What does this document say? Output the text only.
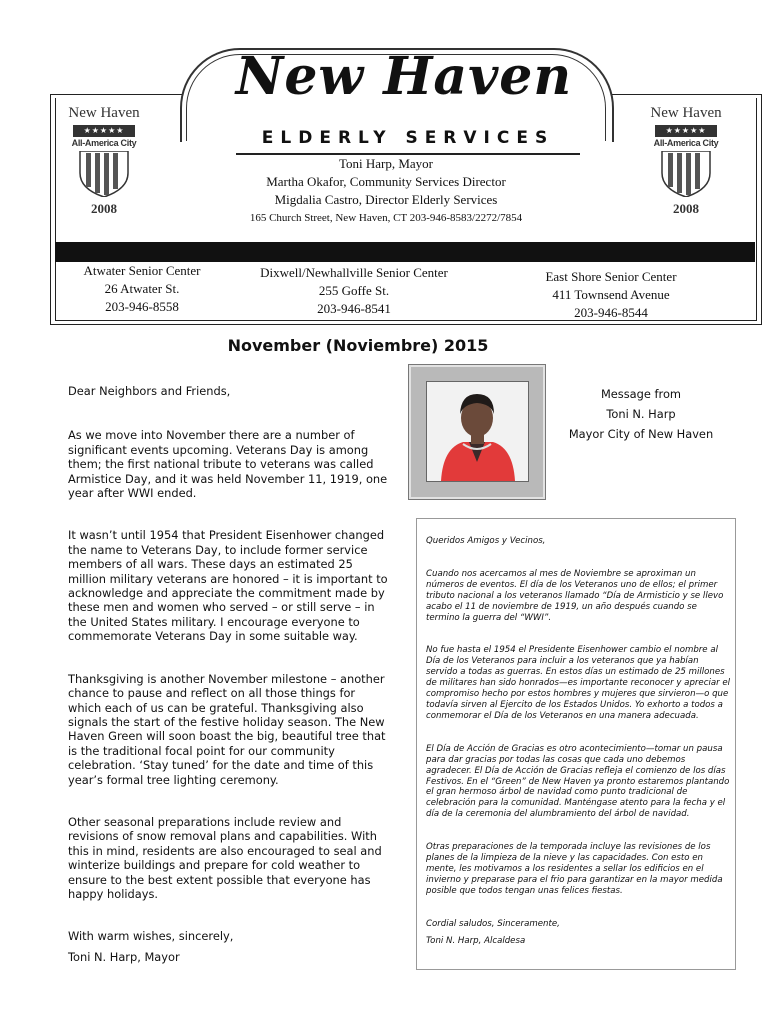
New Haven
ELDERLY SERVICES
Toni Harp, Mayor
Martha Okafor, Community Services Director
Migdalia Castro, Director Elderly Services
165 Church Street, New Haven, CT 203-946-8583/2272/7854
New Haven
★★★★★
All-America City
2008
New Haven
★★★★★
All-America City
2008
Atwater Senior Center
26 Atwater St.
203-946-8558
Dixwell/Newhallville Senior Center
255 Goffe St.
203-946-8541
East Shore Senior Center
411 Townsend Avenue
203-946-8544
November (Noviembre) 2015

Dear Neighbors and Friends,

As we move into November there are a number of significant events upcoming. Veterans Day is among them; the first national tribute to veterans was called Armistice Day, and it was held November 11, 1919, one year after WWI ended.

It wasn’t until 1954 that President Eisenhower changed the name to Veterans Day, to include former service members of all wars. These days an estimated 25 million military veterans are honored – it is important to acknowledge and appreciate the commitment made by these men and women who served – or still serve – in the United States military. I encourage everyone to commemorate Veterans Day in some suitable way.

Thanksgiving is another November milestone – another chance to pause and reflect on all those things for which each of us can be grateful. Thanksgiving also signals the start of the festive holiday season. The New Haven Green will soon boast the big, beautiful tree that is the traditional focal point for our community celebration. ‘Stay tuned’ for the date and time of this year’s formal tree lighting ceremony.

Other seasonal preparations include review and revisions of snow removal plans and capabilities. With this in mind, residents are also encouraged to seal and winterize buildings and prepare for cold weather to ensure to the best extent possible that everyone has happy holidays.

With warm wishes, sincerely,

Toni N. Harp, Mayor

Message from
Toni N. Harp
Mayor City of New Haven

Queridos Amigos y Vecinos,

Cuando nos acercamos al mes de Noviembre se aproximan un números de eventos. El día de los Veteranos uno de ellos; el primer tributo nacional a los veteranos llamado “Día de Armisticio y se llevo acabo el 11 de noviembre de 1919, un año después cuando se termino la guerra del “WWI”.

No fue hasta el 1954 el Presidente Eisenhower cambio el nombre al Día de los Veteranos para incluir a los veteranos que ya habían servido a todas as guerras. En estos días un estimado de 25 millones de militares han sido honrados—es importante reconocer y apreciar el compromiso hecho por estos hombres y mujeres que sirvieron—o que todavía sirven al Ejercito de los Estados Unidos. Yo exhorto a todos a conmemorar el Día de los Veteranos en una manera adecuada.

El Día de Acción de Gracias es otro acontecimiento—tomar un pausa para dar gracias por todas las cosas que cada uno debemos agradecer. El Día de Acción de Gracias refleja el comienzo de los días Festivos. En el “Green” de New Haven ya pronto estaremos plantando el gran hermoso árbol de navidad como punto tradicional de celebración para la comunidad. Manténgase atento para la fecha y el día de la ceremonia del alumbramiento del árbol de navidad.

Otras preparaciones de la temporada incluye las revisiones de los planes de la limpieza de la nieve y las capacidades. Con esto en mente, les motivamos a los residentes a sellar los edificios en el invierno y preparase para el frio para garantizar en la mayor medida posible que todos tengan unas felices fiestas.

Cordial saludos, Sinceramente,

Toni N. Harp, Alcaldesa
